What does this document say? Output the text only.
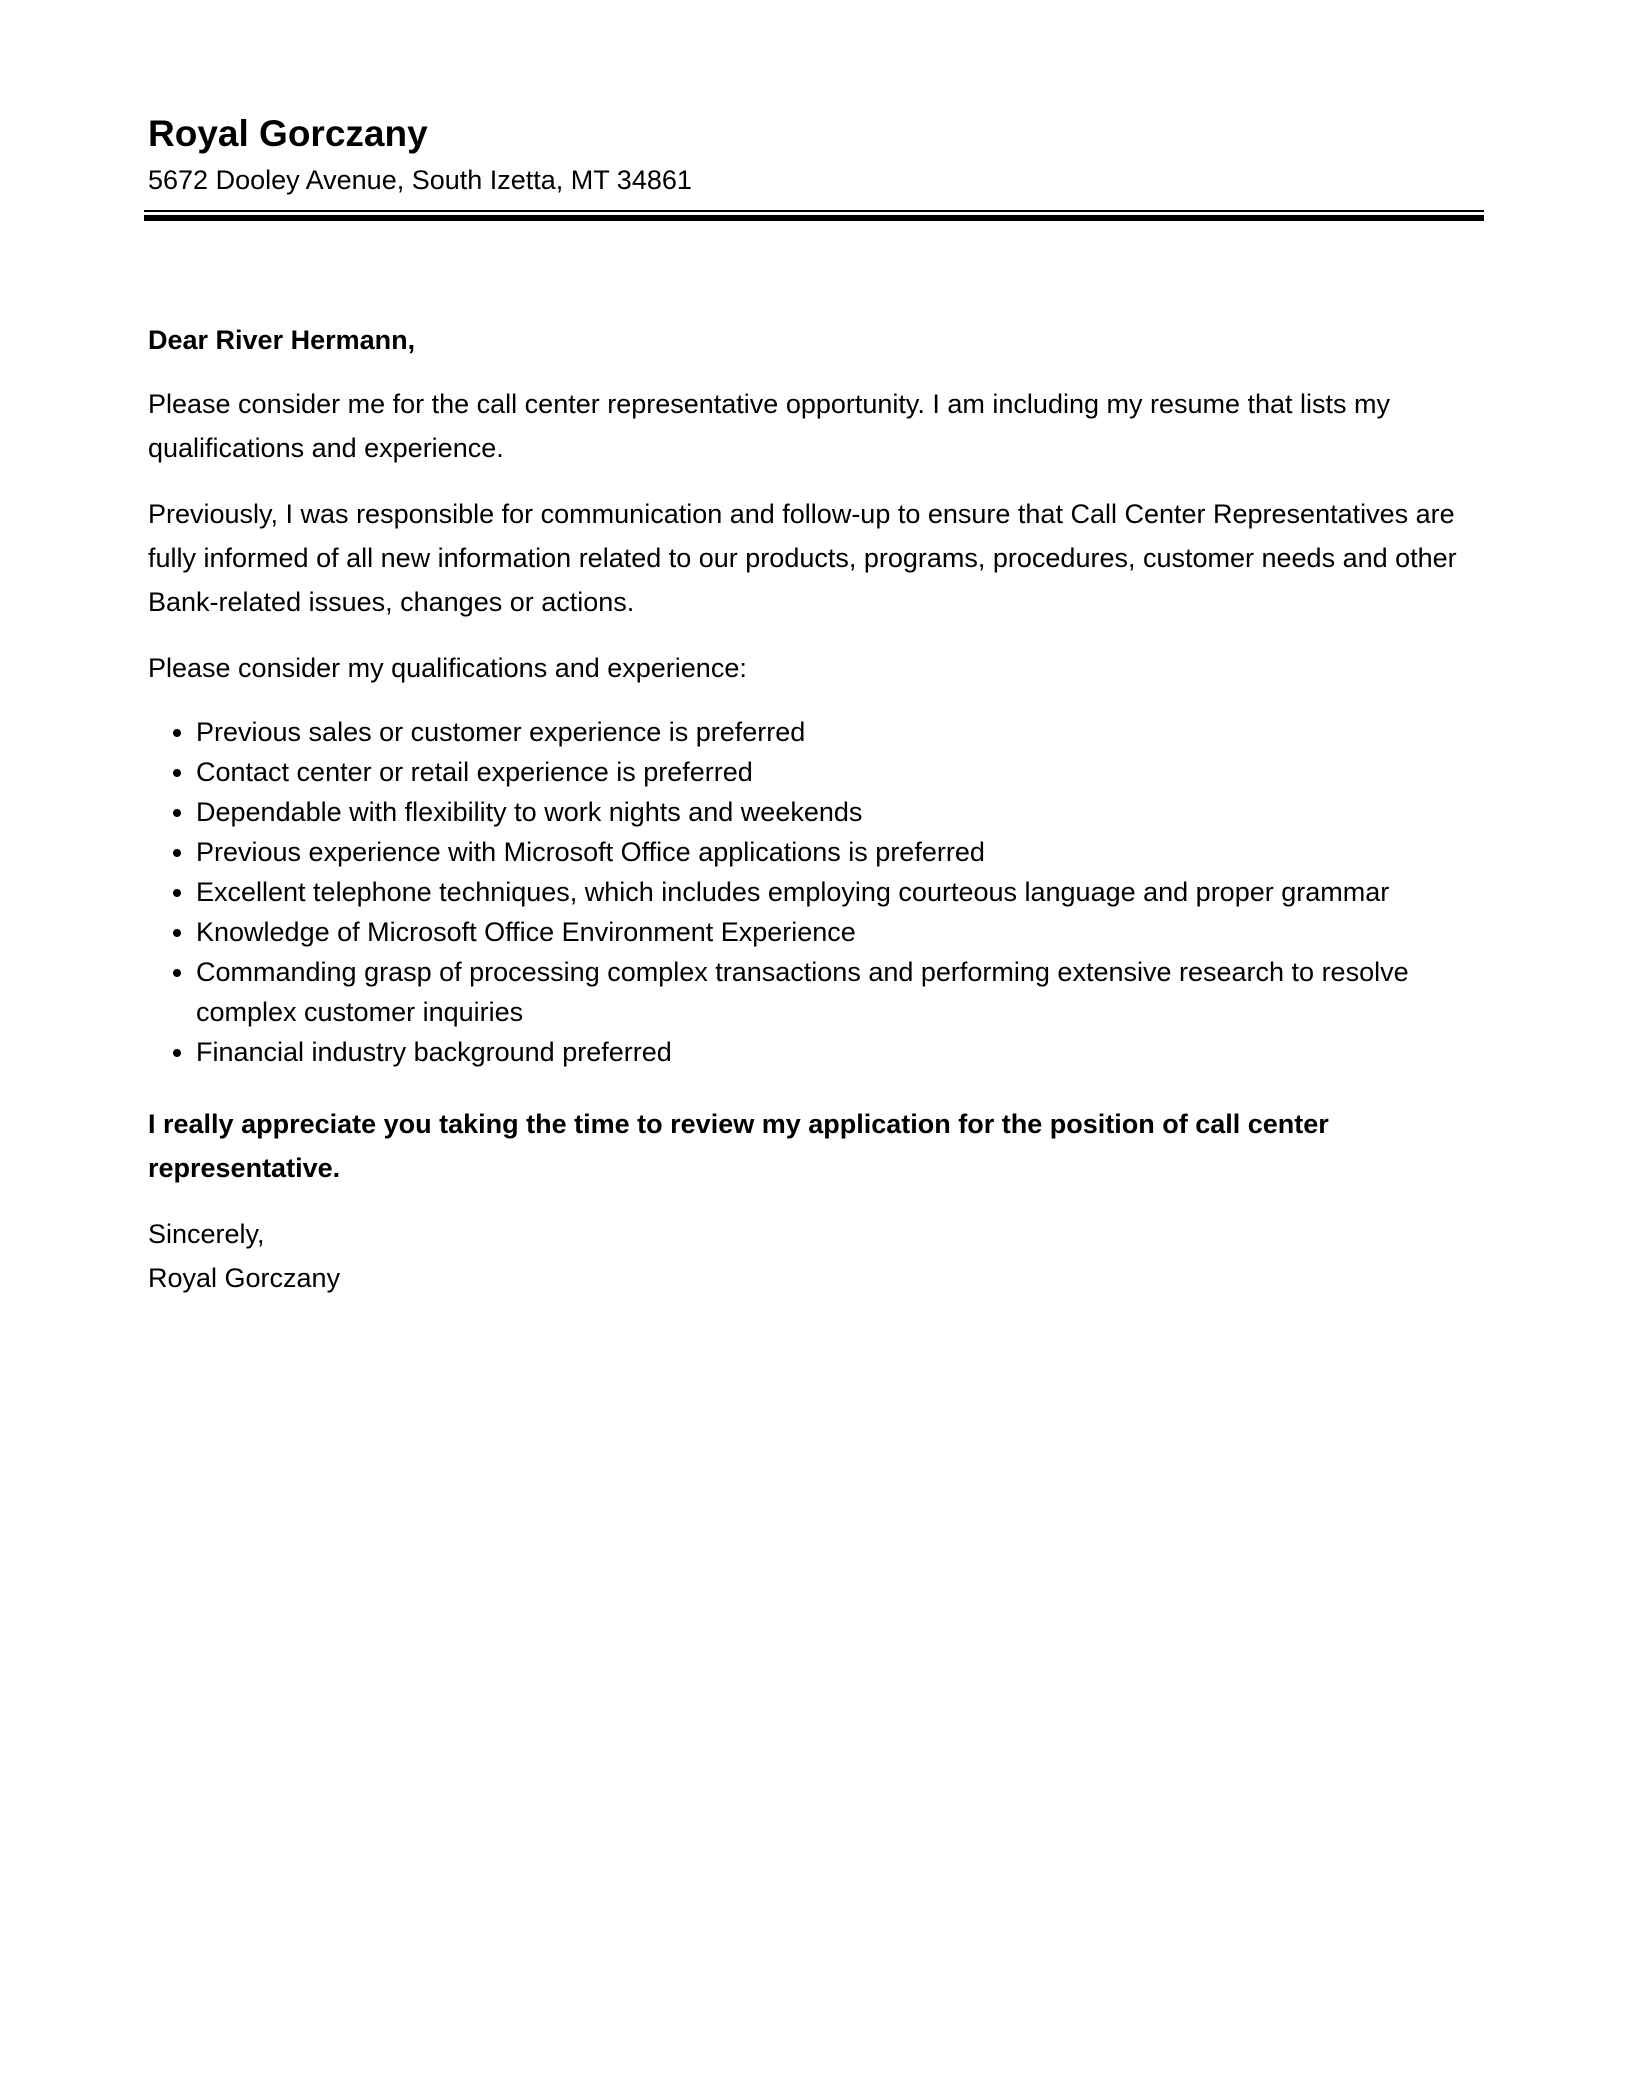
Royal Gorczany

5672 Dooley Avenue, South Izetta, MT 34861

Dear River Hermann,

Please consider me for the call center representative opportunity. I am including my resume that lists my qualifications and experience.

Previously, I was responsible for communication and follow-up to ensure that Call Center Representatives are fully informed of all new information related to our products, programs, procedures, customer needs and other Bank-related issues, changes or actions.

Please consider my qualifications and experience:

• Previous sales or customer experience is preferred
• Contact center or retail experience is preferred
• Dependable with flexibility to work nights and weekends
• Previous experience with Microsoft Office applications is preferred
• Excellent telephone techniques, which includes employing courteous language and proper grammar
• Knowledge of Microsoft Office Environment Experience
• Commanding grasp of processing complex transactions and performing extensive research to resolve complex customer inquiries
• Financial industry background preferred

I really appreciate you taking the time to review my application for the position of call center representative.

Sincerely,

Royal Gorczany
